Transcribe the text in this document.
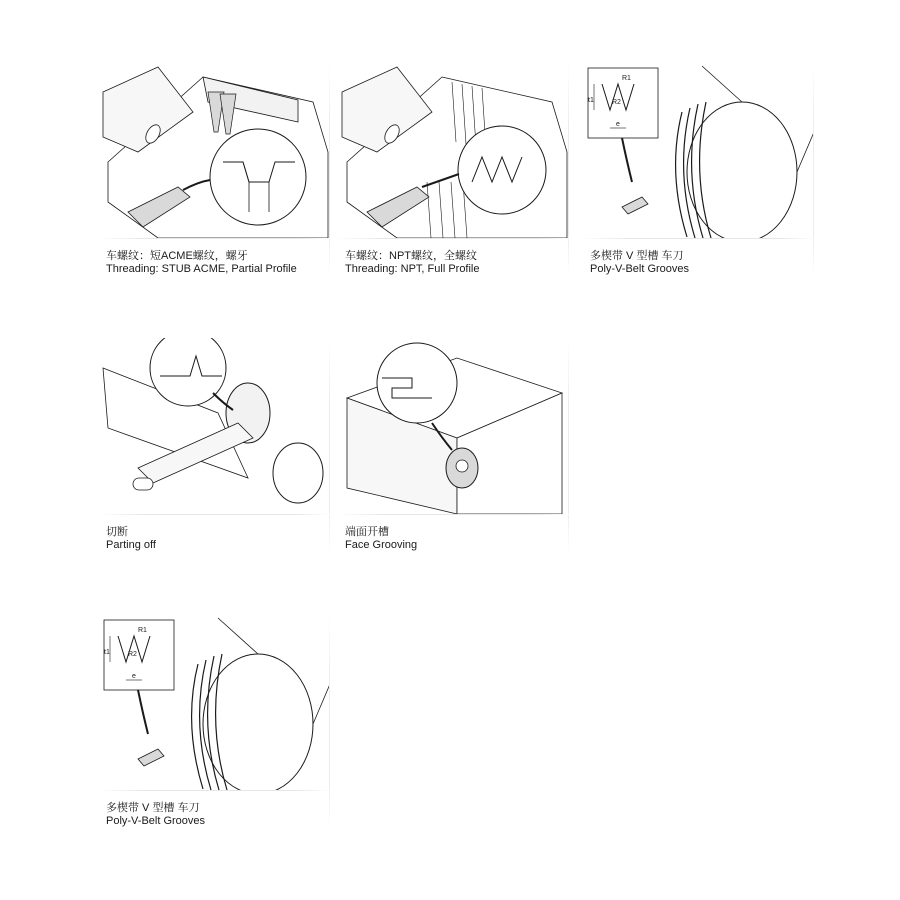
车螺纹：短ACME螺纹，螺牙
Threading: STUB ACME, Partial Profile
车螺纹：NPT螺纹，全螺纹
Threading: NPT, Full Profile
t1
e
R1
R2
多楔带 V 型槽 车刀
Poly-V-Belt Grooves
切断
Parting off
端面开槽
Face Grooving
t1
e
R1
R2
多楔带 V 型槽 车刀
Poly-V-Belt Grooves
